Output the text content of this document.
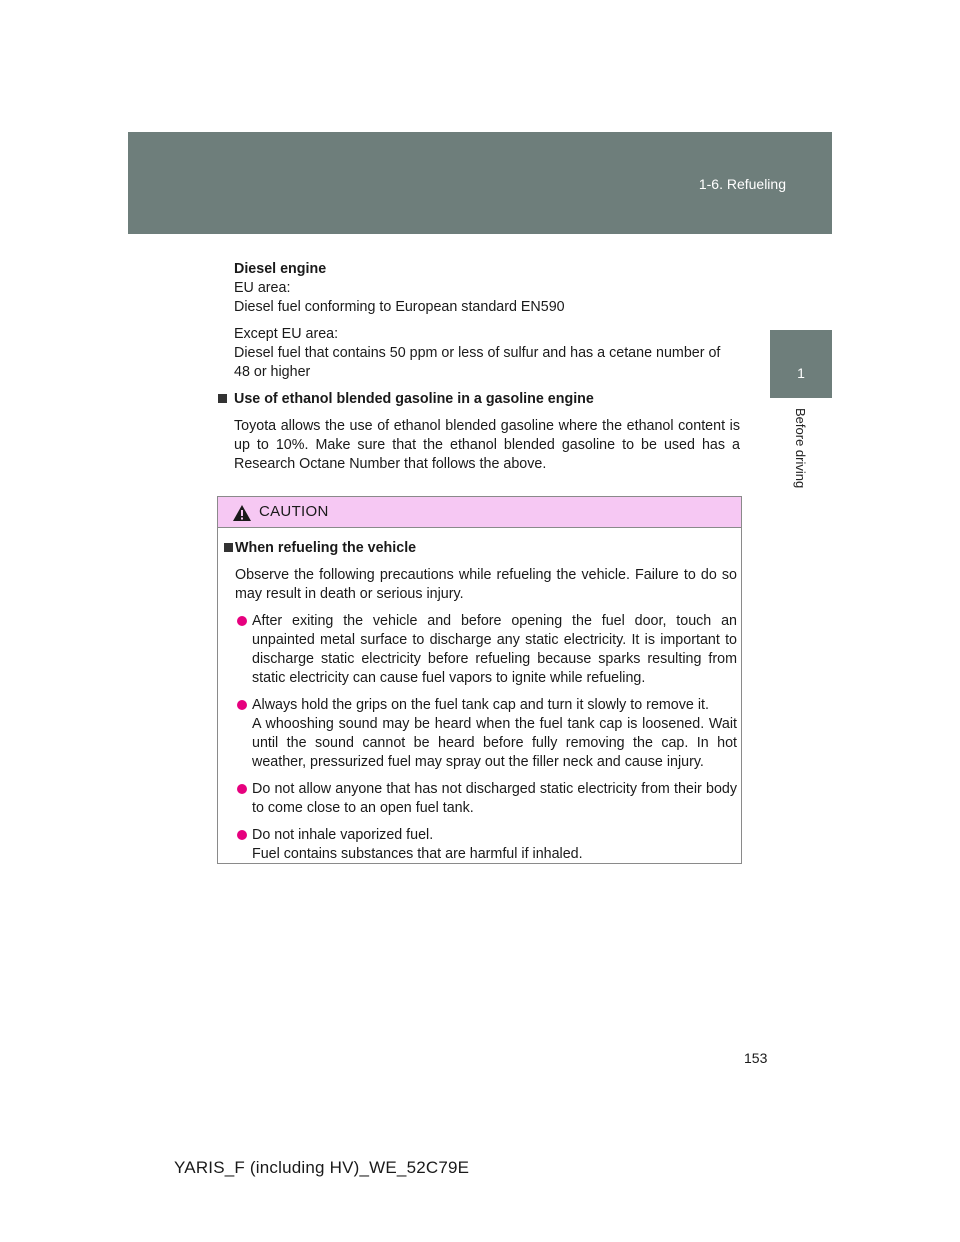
1-6. Refueling
1
Before driving

Diesel engine

EU area:

Diesel fuel conforming to European standard EN590

Except EU area:

Diesel fuel that contains 50 ppm or less of sulfur and has a cetane number of 48 or higher

Use of ethanol blended gasoline in a gasoline engine

Toyota allows the use of ethanol blended gasoline where the ethanol content is up to 10%. Make sure that the ethanol blended gasoline to be used has a Research Octane Number that follows the above.

CAUTION

When refueling the vehicle

Observe the following precautions while refueling the vehicle. Failure to do so may result in death or serious injury.

After exiting the vehicle and before opening the fuel door, touch an unpainted metal surface to discharge any static electricity. It is important to discharge static electricity before refueling because sparks resulting from static electricity can cause fuel vapors to ignite while refueling.

Always hold the grips on the fuel tank cap and turn it slowly to remove it.

A whooshing sound may be heard when the fuel tank cap is loosened. Wait until the sound cannot be heard before fully removing the cap. In hot weather, pressurized fuel may spray out the filler neck and cause injury.

Do not allow anyone that has not discharged static electricity from their body to come close to an open fuel tank.

Do not inhale vaporized fuel.

Fuel contains substances that are harmful if inhaled.

153
YARIS_F (including HV)_WE_52C79E
